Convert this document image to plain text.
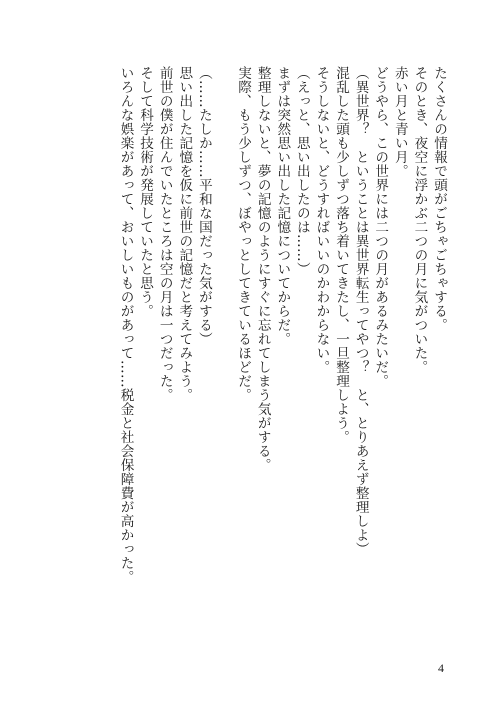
たくさんの情報で頭がごちゃごちゃする。
そのとき、夜空に浮かぶ二つの月に気がついた。
赤い月と青い月。
どうやら、この世界には二つの月があるみたいだ。
（異世界？　ということは異世界転生ってやつ？　と、とりあえず整理しよ）
混乱した頭も少しずつ落ち着いてきたし、一旦整理しよう。
そうしないと、どうすればいいのかわからない。
（えっと、思い出したのは……）
まずは突然思い出した記憶についてからだ。
整理しないと、夢の記憶のようにすぐに忘れてしまう気がする。
実際、もう少しずつ、ぼやっとしてきているほどだ。
（……たしか……平和な国だった気がする）
思い出した記憶を仮に前世の記憶だと考えてみよう。
前世の僕が住んでいたところは空の月は一つだった。
そして科学技術が発展していたと思う。
いろんな娯楽があって、おいしいものがあって……税金と社会保障費が高かった。
4
